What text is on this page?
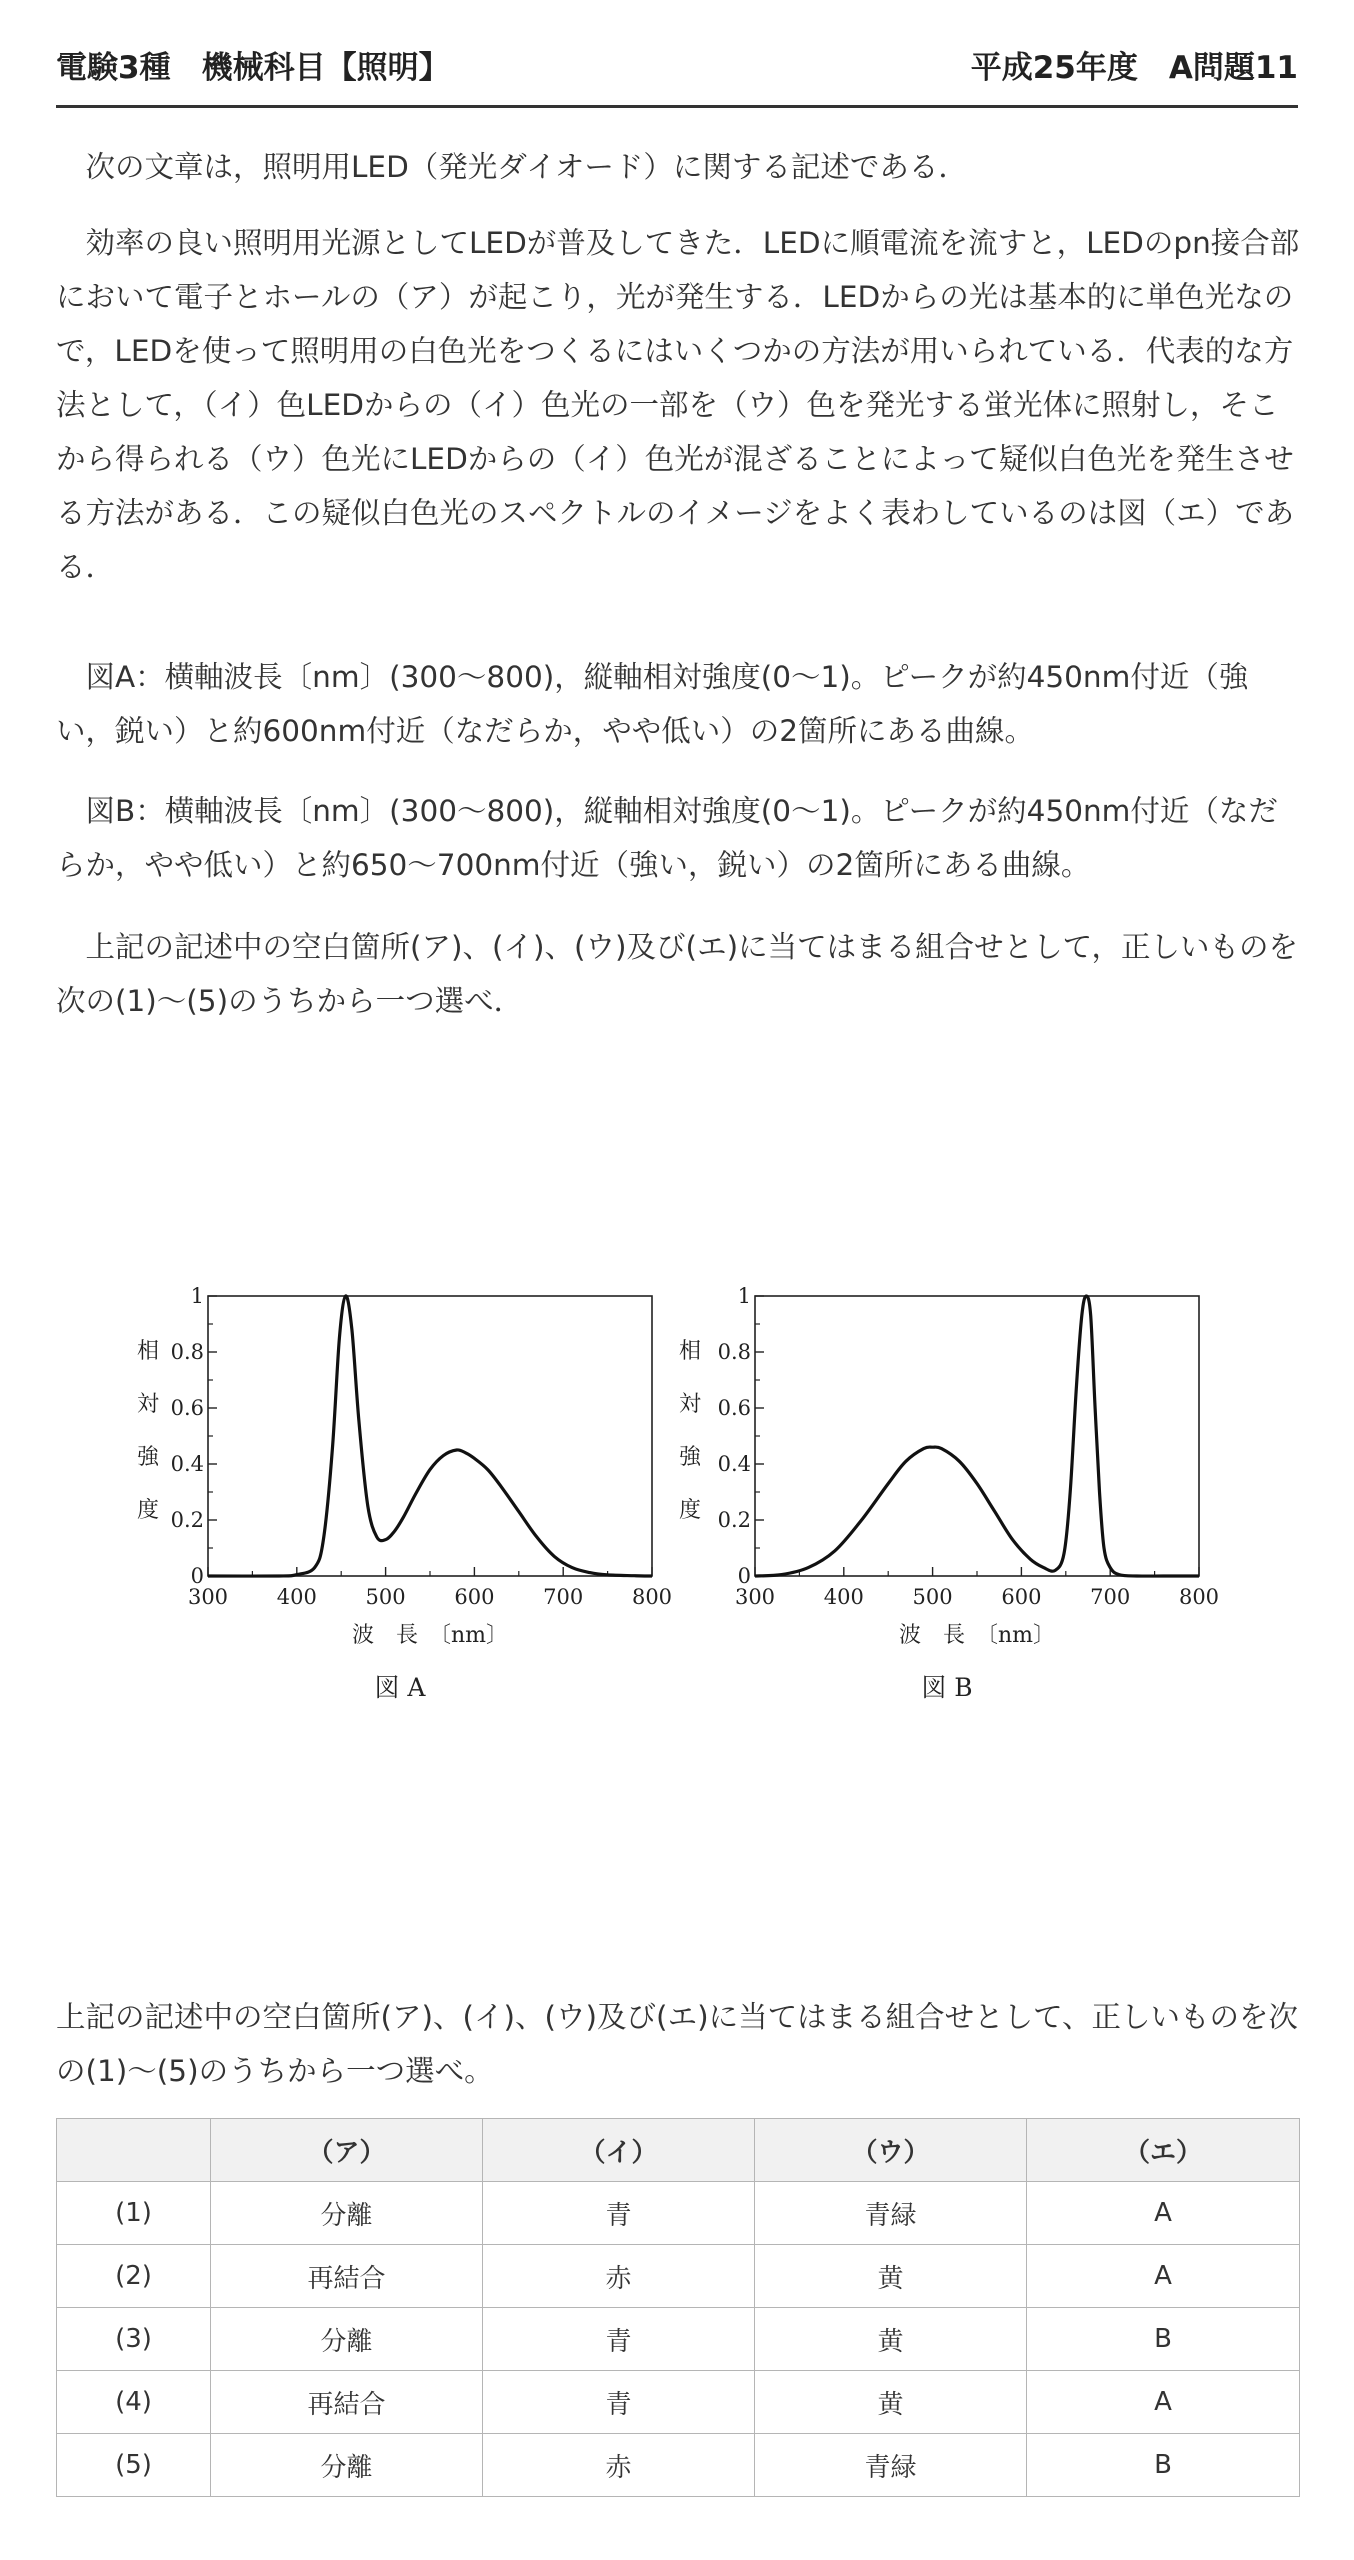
電験3種　機械科目【照明】	平成25年度　A問題11

次の文章は，照明用LED（発光ダイオード）に関する記述である．

効率の良い照明用光源としてLEDが普及してきた．LEDに順電流を流すと，LEDのpn接合部において電子とホールの（ア）が起こり，光が発生する．LEDからの光は基本的に単色光なので，LEDを使って照明用の白色光をつくるにはいくつかの方法が用いられている．代表的な方法として，（イ）色LEDからの（イ）色光の一部を（ウ）色を発光する蛍光体に照射し，そこから得られる（ウ）色光にLEDからの（イ）色光が混ざることによって疑似白色光を発生させる方法がある．この疑似白色光のスペクトルのイメージをよく表わしているのは図（エ）である．

図A：横軸波長〔nm〕(300～800)，縦軸相対強度(0～1)。ピークが約450nm付近（強い，鋭い）と約600nm付近（なだらか，やや低い）の2箇所にある曲線。

図B：横軸波長〔nm〕(300～800)，縦軸相対強度(0～1)。ピークが約450nm付近（なだらか，やや低い）と約650～700nm付近（強い，鋭い）の2箇所にある曲線。

上記の記述中の空白箇所(ア)、(イ)、(ウ)及び(エ)に当てはまる組合せとして，正しいものを次の(1)～(5)のうちから一つ選べ．

300 400 500 600 700 800
0
0.2
0.4
0.6
0.8
1
相
対
強
度
波　長　〔nm〕
図 A
300 400 500 600 700 800
0
0.2
0.4
0.6
0.8
1
相
対
強
度
波　長　〔nm〕
図 B

上記の記述中の空白箇所(ア)、(イ)、(ウ)及び(エ)に当てはまる組合せとして、正しいものを次の(1)～(5)のうちから一つ選べ。

	（ア）	（イ）	（ウ）	（エ）
(1)	分離	青	青緑	A
(2)	再結合	赤	黄	A
(3)	分離	青	黄	B
(4)	再結合	青	黄	A
(5)	分離	赤	青緑	B
